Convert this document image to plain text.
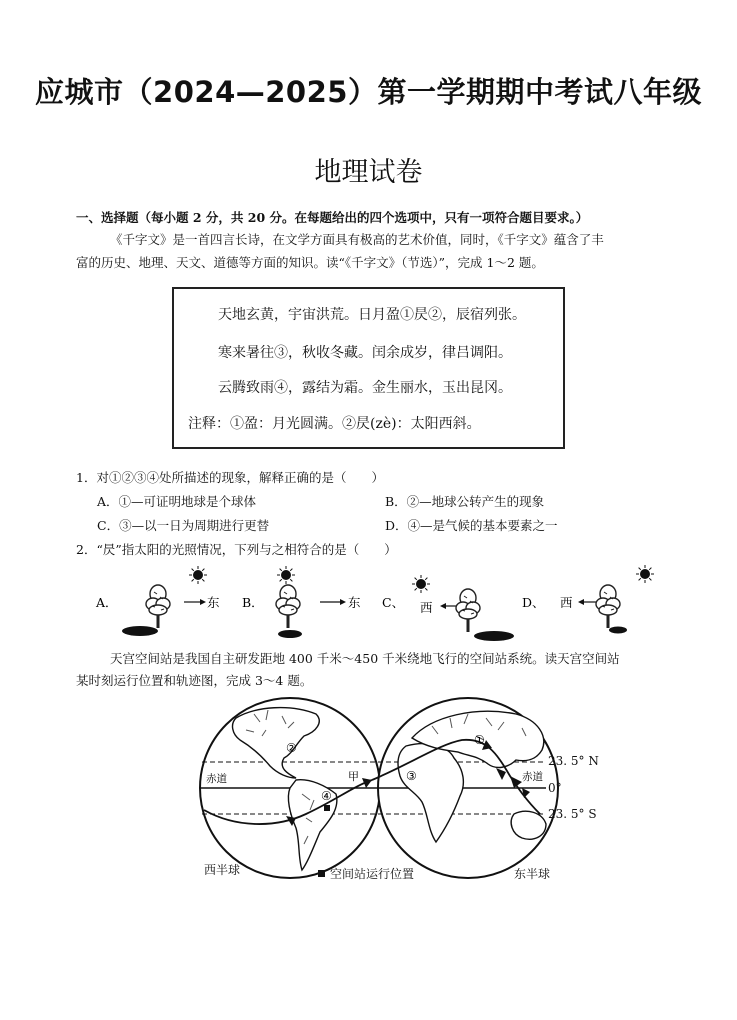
应城市（2024—2025）第一学期期中考试八年级
地理试卷
一、选择题（每小题 2 分，共 20 分。在每题给出的四个选项中，只有一项符合题目要求。）
《千字文》是一首四言长诗，在文学方面具有极高的艺术价值，同时，《千字文》蕴含了丰
富的历史、地理、天文、道德等方面的知识。读“《千字文》（节选）”，完成 1～2 题。
天地玄黄，宇宙洪荒。日月盈①昃②，辰宿列张。
寒来暑往③，秋收冬藏。闰余成岁，律吕调阳。
云腾致雨④，露结为霜。金生丽水，玉出昆冈。
注释：①盈：月光圆满。②昃(zè)：太阳西斜。
1．对①②③④处所描述的现象，解释正确的是（　　）
A．①—可证明地球是个球体	B．②—地球公转产生的现象
C．③—以一日为周期进行更替	D．④—是气候的基本要素之一
2．“昃”指太阳的光照情况，下列与之相符合的是（　　）
A．	东 B．	东 C、 西	D、 西
天宫空间站是我国自主研发距地 400 千米～450 千米绕地飞行的空间站系统。读天宫空间站
某时刻运行位置和轨迹图，完成 3～4 题。
②
④
③
①
甲
赤道	赤道
23. 5° N
0°
23. 5° S
西半球	空间站运行位置	东半球
